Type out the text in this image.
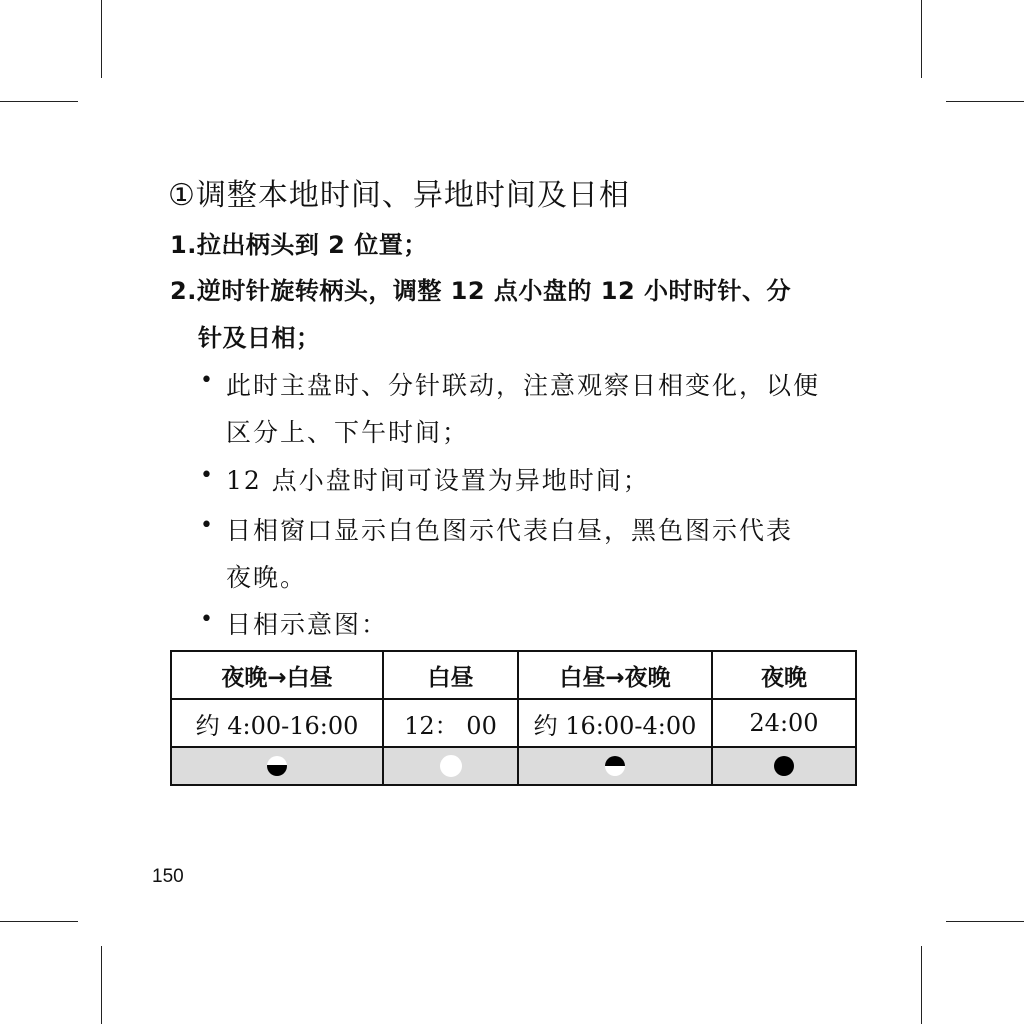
①调整本地时间、异地时间及日相
1.拉出柄头到 2 位置；
2.逆时针旋转柄头，调整 12 点小盘的 12 小时时针、分
针及日相；
• 此时主盘时、分针联动，注意观察日相变化，以便
区分上、下午时间；
• 12 点小盘时间可设置为异地时间；
• 日相窗口显示白色图示代表白昼，黑色图示代表
夜晚。
• 日相示意图：
夜晚→白昼	白昼	白昼→夜晚	夜晚
约 4:00-16:00	12： 00	约 16:00-4:00	24:00

150
